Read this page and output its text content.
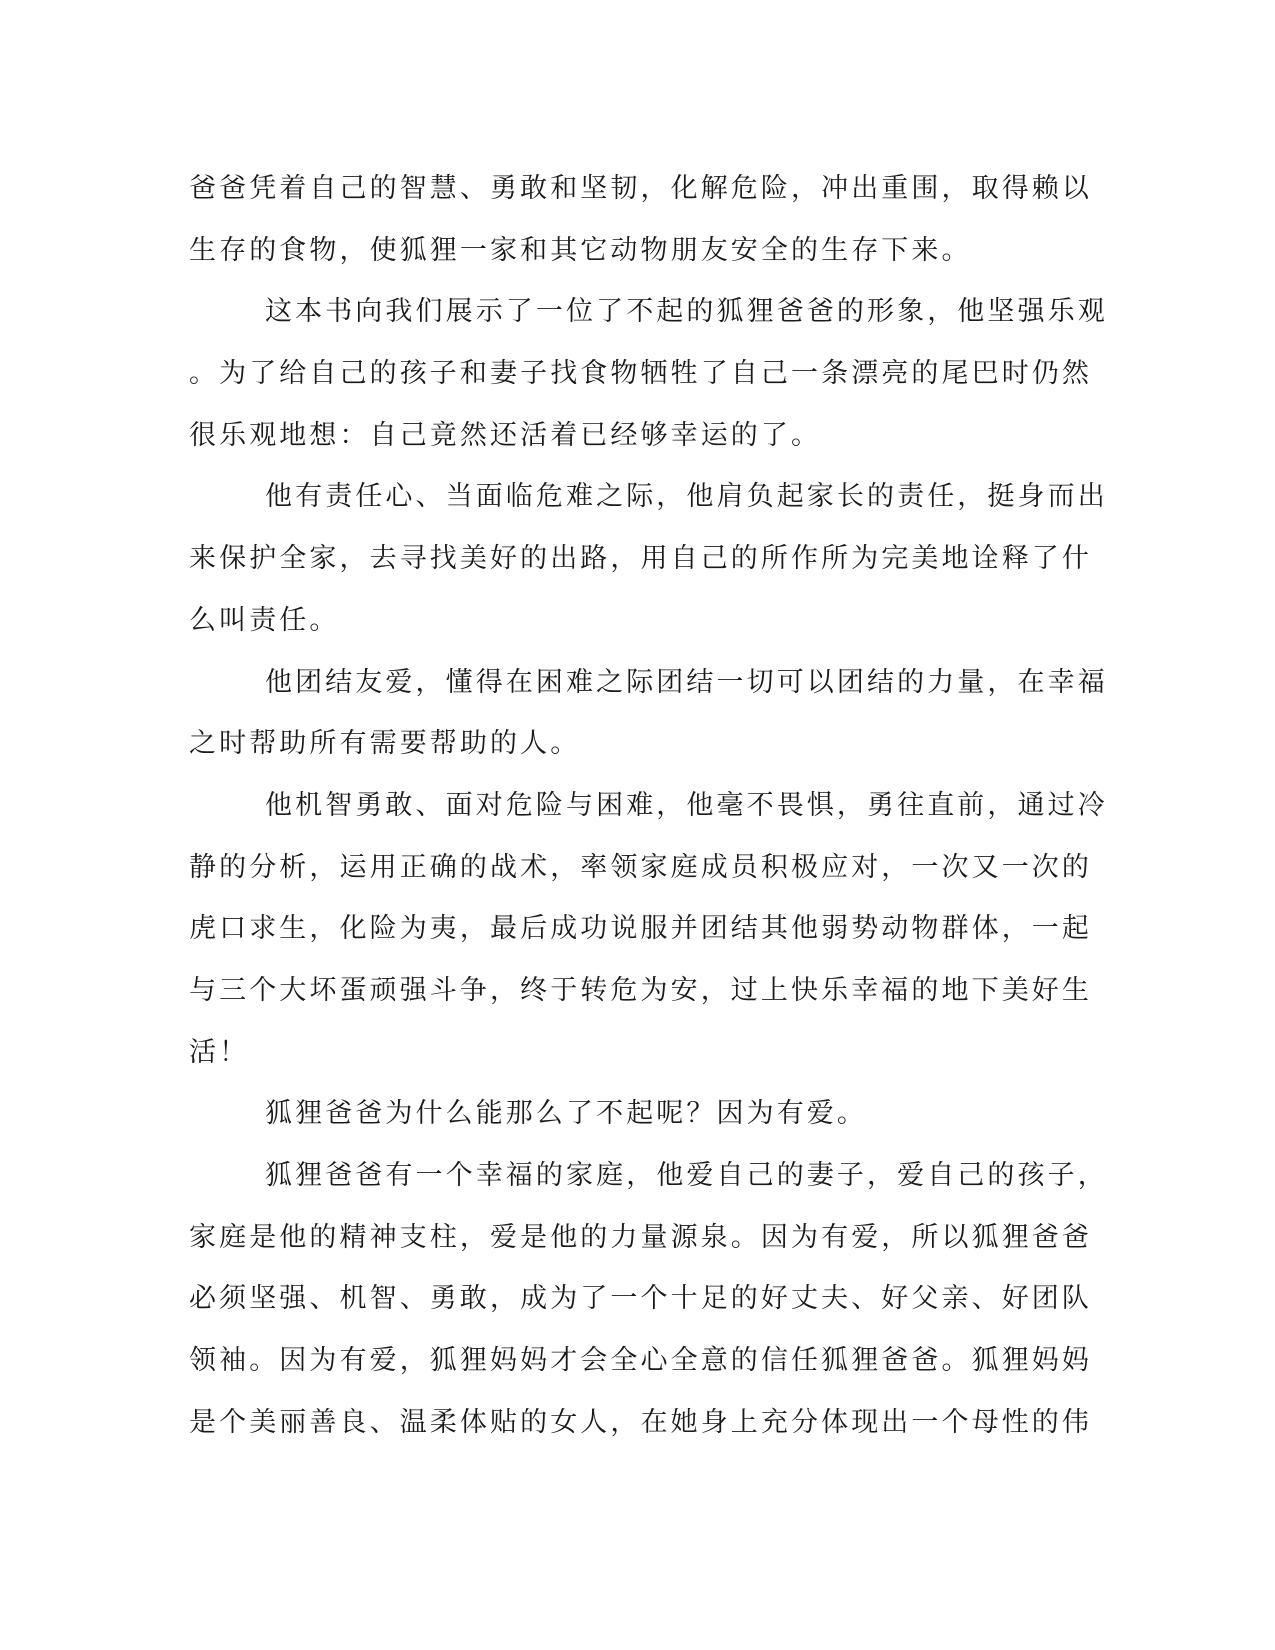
爸爸凭着自己的智慧、勇敢和坚韧，化解危险，冲出重围，取得赖以
生存的食物，使狐狸一家和其它动物朋友安全的生存下来。
这本书向我们展示了一位了不起的狐狸爸爸的形象，他坚强乐观
。为了给自己的孩子和妻子找食物牺牲了自己一条漂亮的尾巴时仍然
很乐观地想：自己竟然还活着已经够幸运的了。
他有责任心、当面临危难之际，他肩负起家长的责任，挺身而出
来保护全家，去寻找美好的出路，用自己的所作所为完美地诠释了什
么叫责任。
他团结友爱，懂得在困难之际团结一切可以团结的力量，在幸福
之时帮助所有需要帮助的人。
他机智勇敢、面对危险与困难，他毫不畏惧，勇往直前，通过冷
静的分析，运用正确的战术，率领家庭成员积极应对，一次又一次的
虎口求生，化险为夷，最后成功说服并团结其他弱势动物群体，一起
与三个大坏蛋顽强斗争，终于转危为安，过上快乐幸福的地下美好生
活！
狐狸爸爸为什么能那么了不起呢？因为有爱。
狐狸爸爸有一个幸福的家庭，他爱自己的妻子，爱自己的孩子，
家庭是他的精神支柱，爱是他的力量源泉。因为有爱，所以狐狸爸爸
必须坚强、机智、勇敢，成为了一个十足的好丈夫、好父亲、好团队
领袖。因为有爱，狐狸妈妈才会全心全意的信任狐狸爸爸。狐狸妈妈
是个美丽善良、温柔体贴的女人，在她身上充分体现出一个母性的伟
